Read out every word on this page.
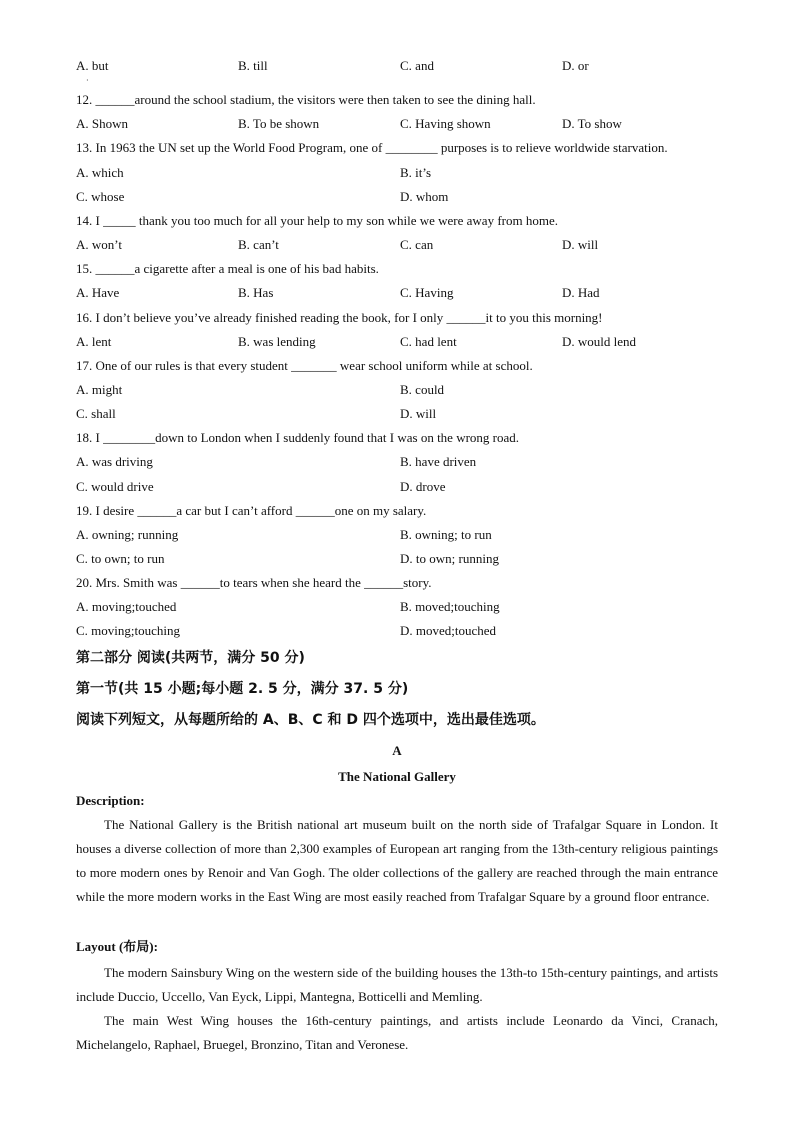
A. but	B. till	C. and	D. or
·
12. ______around the school stadium, the visitors were then taken to see the dining hall.
A. Shown	B. To be shown	C. Having shown	D. To show
13. In 1963 the UN set up the World Food Program, one of ________ purposes is to relieve worldwide starvation.
A. which	B. it’s
C. whose	D. whom
14. I _____ thank you too much for all your help to my son while we were away from home.
A. won’t	B. can’t	C. can	D. will
15. ______a cigarette after a meal is one of his bad habits.
A. Have	B. Has	C. Having	D. Had
16. I don’t believe you’ve already finished reading the book, for I only ______it to you this morning!
A. lent	B. was lending	C. had lent	D. would lend
17. One of our rules is that every student _______ wear school uniform while at school.
A. might	B. could
C. shall	D. will
18. I ________down to London when I suddenly found that I was on the wrong road.
A. was driving	B. have driven
C. would drive	D. drove
19. I desire ______a car but I can’t afford ______one on my salary.
A. owning; running	B. owning; to run
C. to own; to run	D. to own; running
20. Mrs. Smith was ______to tears when she heard the ______story.
A. moving;touched	B. moved;touching
C. moving;touching	D. moved;touched
第二部分 阅读(共两节，满分 50 分)
第一节(共 15 小题;每小题 2. 5 分，满分 37. 5 分)
阅读下列短文，从每题所给的 A、B、C 和 D 四个选项中，选出最佳选项。
A
The National Gallery
Description:

The National Gallery is the British national art museum built on the north side of Trafalgar Square in London. It houses a diverse collection of more than 2,300 examples of European art ranging from the 13th-century religious paintings to more modern ones by Renoir and Van Gogh. The older collections of the gallery are reached through the main entrance while the more modern works in the East Wing are most easily reached from Trafalgar Square by a ground floor entrance.

Layout (布局):

The modern Sainsbury Wing on the western side of the building houses the 13th-to 15th-century paintings, and artists include Duccio, Uccello, Van Eyck, Lippi, Mantegna, Botticelli and Memling.

The main West Wing houses the 16th-century paintings, and artists include Leonardo da Vinci, Cranach, Michelangelo, Raphael, Bruegel, Bronzino, Titan and Veronese.
